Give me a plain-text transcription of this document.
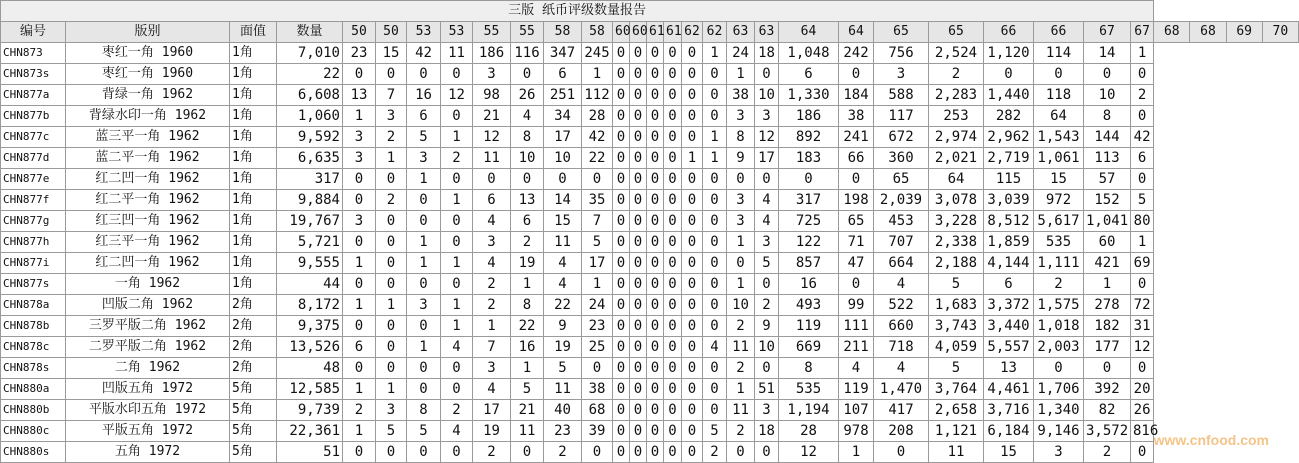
三版 纸币评级数量报告																															
编号	版别	面值	数量	50	50	53	53	55	55	58	58	60	60	61	61	62	62	63	63	64	64	65	65	66	66	67	67	68	68	69	70
CHN873	枣红一角 1960	1角	7,010	23	15	42	11	186	116	347	245	0	0	0	0	0	1	24	18	1,048	242	756	2,524	1,120	114	14	1				
CHN873s	枣红一角 1960	1角	22	0	0	0	0	3	0	6	1	0	0	0	0	0	0	1	0	6	0	3	2	0	0	0	0				
CHN877a	背绿一角 1962	1角	6,608	13	7	16	12	98	26	251	112	0	0	0	0	0	0	38	10	1,330	184	588	2,283	1,440	118	10	2				
CHN877b	背绿水印一角 1962	1角	1,060	1	3	6	0	21	4	34	28	0	0	0	0	0	0	3	3	186	38	117	253	282	64	8	0				
CHN877c	蓝三平一角 1962	1角	9,592	3	2	5	1	12	8	17	42	0	0	0	0	0	1	8	12	892	241	672	2,974	2,962	1,543	144	42				
CHN877d	蓝二平一角 1962	1角	6,635	3	1	3	2	11	10	10	22	0	0	0	0	1	1	9	17	183	66	360	2,021	2,719	1,061	113	6				
CHN877e	红二凹一角 1962	1角	317	0	0	1	0	0	0	0	0	0	0	0	0	0	0	0	0	0	0	65	64	115	15	57	0				
CHN877f	红二平一角 1962	1角	9,884	0	2	0	1	6	13	14	35	0	0	0	0	0	0	3	4	317	198	2,039	3,078	3,039	972	152	5				
CHN877g	红三凹一角 1962	1角	19,767	3	0	0	0	4	6	15	7	0	0	0	0	0	0	3	4	725	65	453	3,228	8,512	5,617	1,041	80				
CHN877h	红三平一角 1962	1角	5,721	0	0	1	0	3	2	11	5	0	0	0	0	0	0	1	3	122	71	707	2,338	1,859	535	60	1				
CHN877i	红二凹一角 1962	1角	9,555	1	0	1	1	4	19	4	17	0	0	0	0	0	0	0	5	857	47	664	2,188	4,144	1,111	421	69				
CHN877s	一角 1962	1角	44	0	0	0	0	2	1	4	1	0	0	0	0	0	0	1	0	16	0	4	5	6	2	1	0				
CHN878a	凹版二角 1962	2角	8,172	1	1	3	1	2	8	22	24	0	0	0	0	0	0	10	2	493	99	522	1,683	3,372	1,575	278	72				
CHN878b	三罗平版二角 1962	2角	9,375	0	0	0	1	1	22	9	23	0	0	0	0	0	0	2	9	119	111	660	3,743	3,440	1,018	182	31				
CHN878c	二罗平版二角 1962	2角	13,526	6	0	1	4	7	16	19	25	0	0	0	0	0	4	11	10	669	211	718	4,059	5,557	2,003	177	12				
CHN878s	二角 1962	2角	48	0	0	0	0	3	1	5	0	0	0	0	0	0	0	2	0	8	4	4	5	13	0	0	0				
CHN880a	凹版五角 1972	5角	12,585	1	1	0	0	4	5	11	38	0	0	0	0	0	0	1	51	535	119	1,470	3,764	4,461	1,706	392	20				
CHN880b	平版水印五角 1972	5角	9,739	2	3	8	2	17	21	40	68	0	0	0	0	0	0	11	3	1,194	107	417	2,658	3,716	1,340	82	26				
CHN880c	平版五角 1972	5角	22,361	1	5	5	4	19	11	23	39	0	0	0	0	0	5	2	18	28	978	208	1,121	6,184	9,146	3,572	816				
CHN880s	五角 1972	5角	51	0	0	0	0	2	0	2	0	0	0	0	0	0	2	0	0	12	1	0	11	15	3	2	0				
www.cnfood.com
